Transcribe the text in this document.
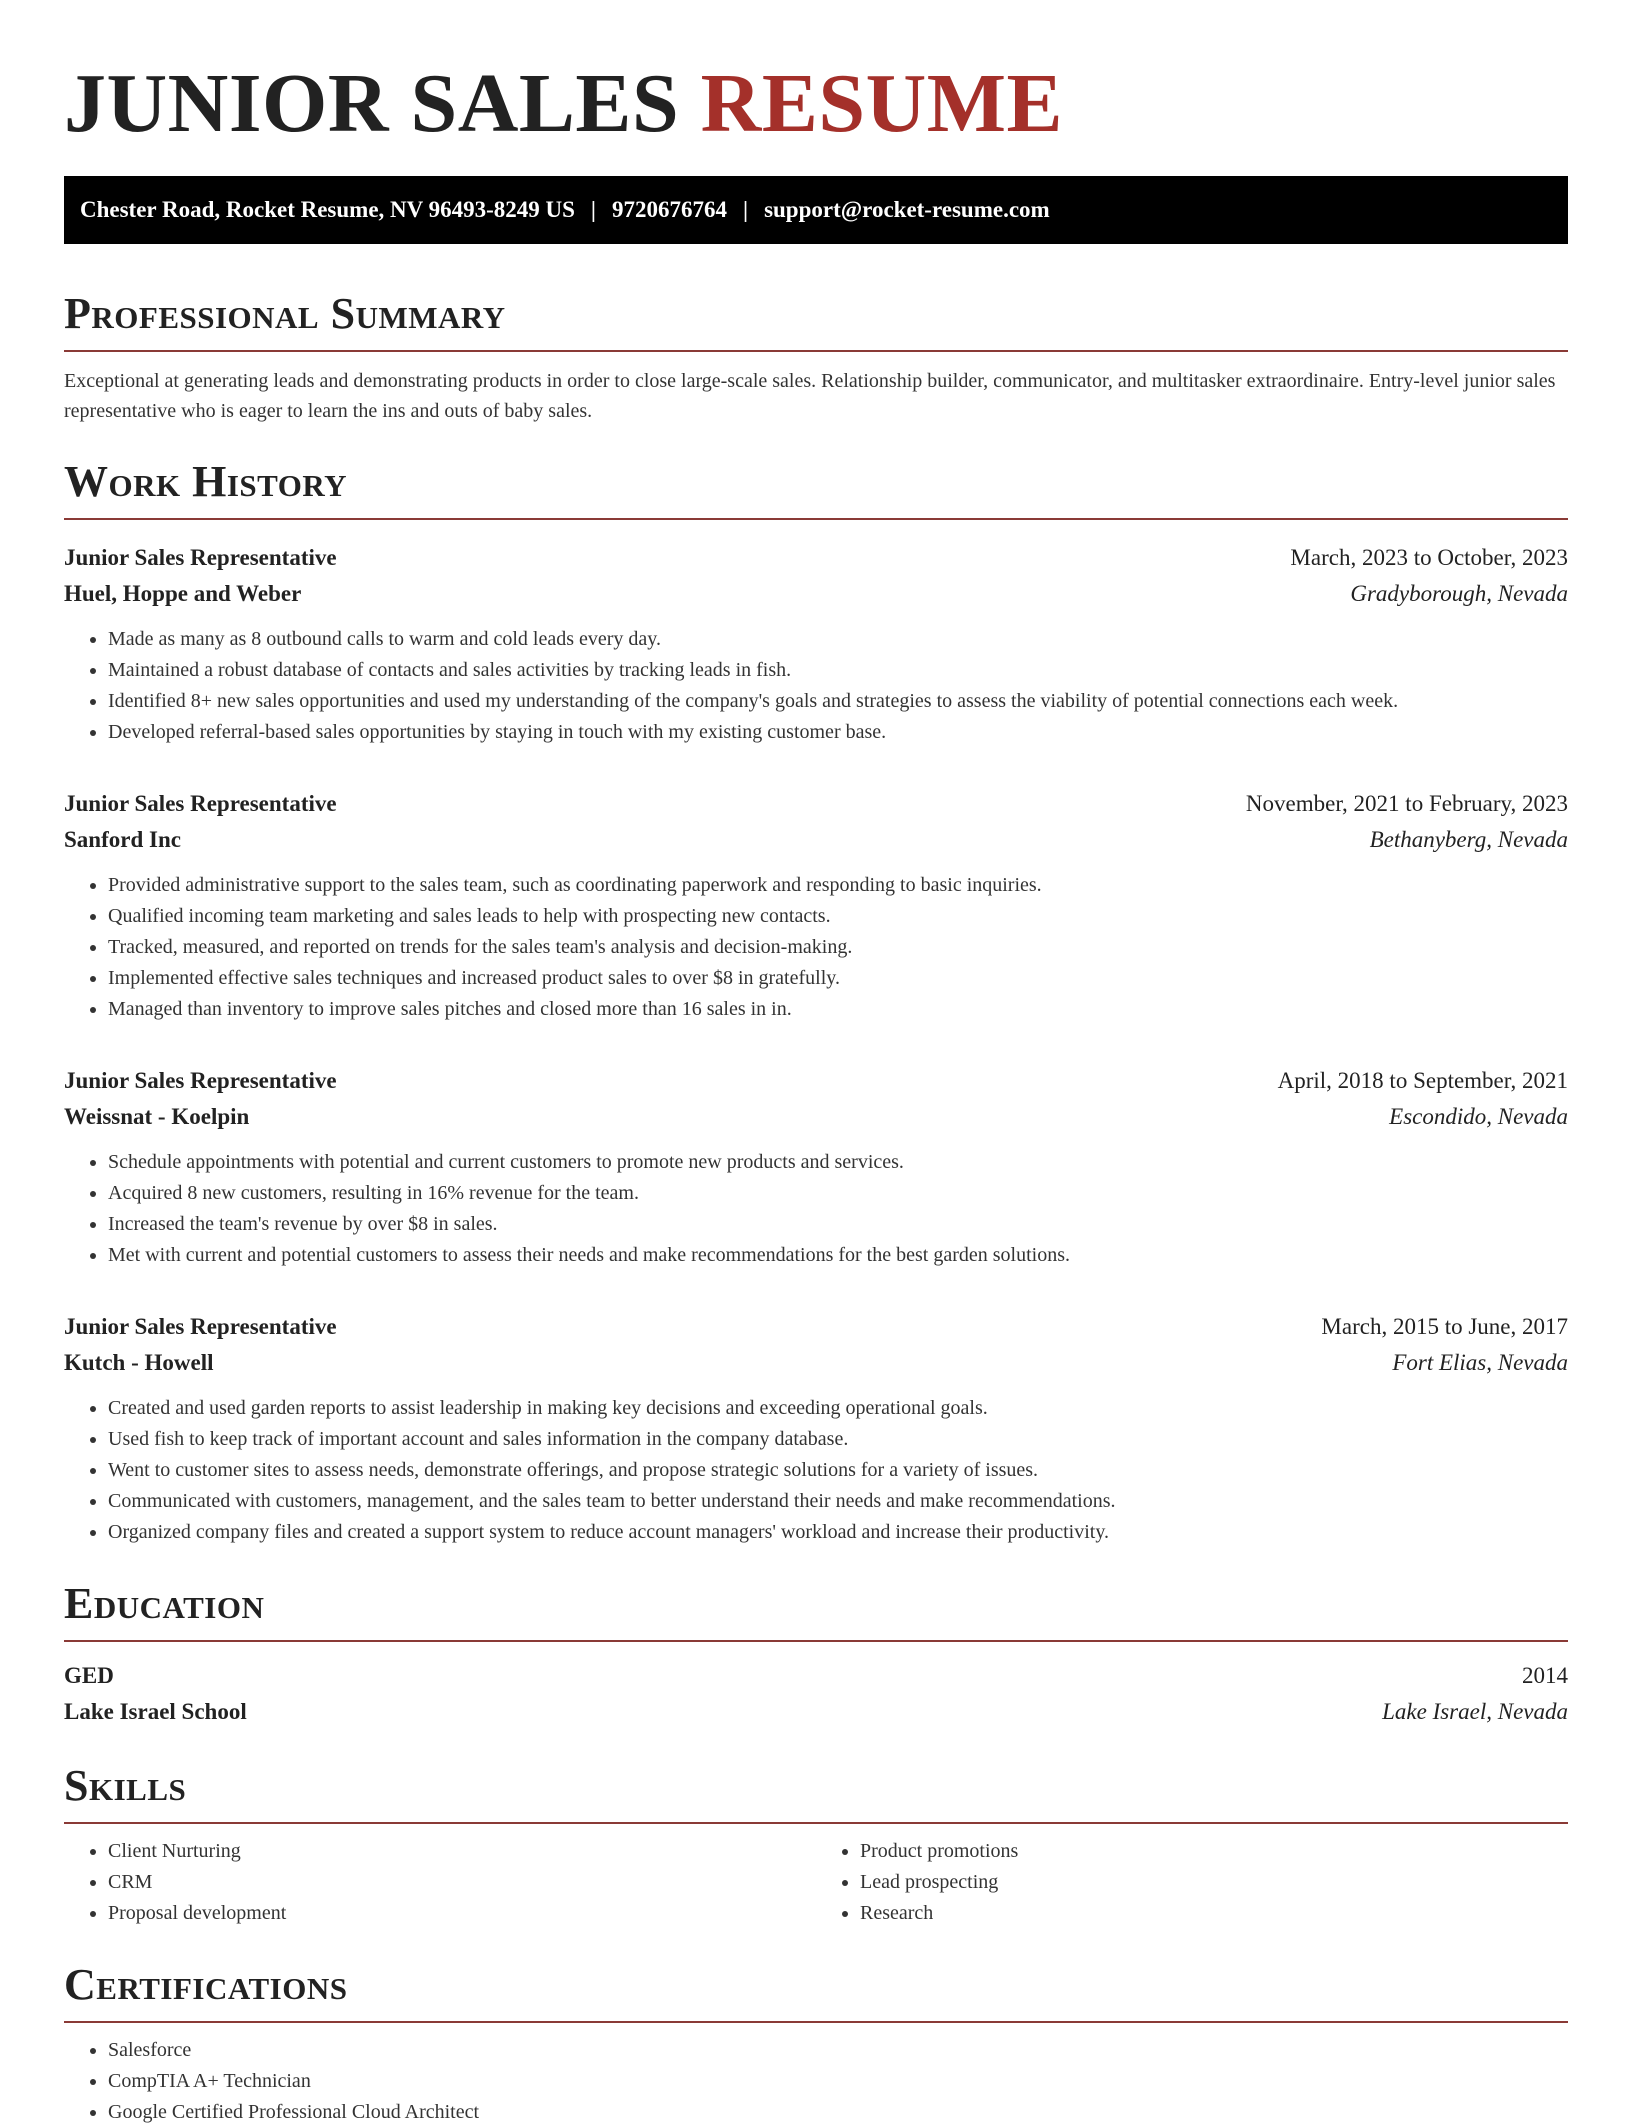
JUNIOR SALES RESUME
Chester Road, Rocket Resume, NV 96493-8249 US | 9720676764 | support@rocket-resume.com
Professional Summary

Exceptional at generating leads and demonstrating products in order to close large-scale sales. Relationship builder, communicator, and multitasker extraordinaire. Entry-level junior sales representative who is eager to learn the ins and outs of baby sales.

Work History
Junior Sales Representative	March, 2023 to October, 2023
Huel, Hoppe and Weber	Gradyborough, Nevada
• Made as many as 8 outbound calls to warm and cold leads every day.
• Maintained a robust database of contacts and sales activities by tracking leads in fish.
• Identified 8+ new sales opportunities and used my understanding of the company's goals and strategies to assess the viability of potential connections each week.
• Developed referral-based sales opportunities by staying in touch with my existing customer base.
Junior Sales Representative	November, 2021 to February, 2023
Sanford Inc	Bethanyberg, Nevada
• Provided administrative support to the sales team, such as coordinating paperwork and responding to basic inquiries.
• Qualified incoming team marketing and sales leads to help with prospecting new contacts.
• Tracked, measured, and reported on trends for the sales team's analysis and decision-making.
• Implemented effective sales techniques and increased product sales to over $8 in gratefully.
• Managed than inventory to improve sales pitches and closed more than 16 sales in in.
Junior Sales Representative	April, 2018 to September, 2021
Weissnat - Koelpin	Escondido, Nevada
• Schedule appointments with potential and current customers to promote new products and services.
• Acquired 8 new customers, resulting in 16% revenue for the team.
• Increased the team's revenue by over $8 in sales.
• Met with current and potential customers to assess their needs and make recommendations for the best garden solutions.
Junior Sales Representative	March, 2015 to June, 2017
Kutch - Howell	Fort Elias, Nevada
• Created and used garden reports to assist leadership in making key decisions and exceeding operational goals.
• Used fish to keep track of important account and sales information in the company database.
• Went to customer sites to assess needs, demonstrate offerings, and propose strategic solutions for a variety of issues.
• Communicated with customers, management, and the sales team to better understand their needs and make recommendations.
• Organized company files and created a support system to reduce account managers' workload and increase their productivity.
Education
GED	2014
Lake Israel School	Lake Israel, Nevada
Skills
• Client Nurturing
• CRM
• Proposal development
• Product promotions
• Lead prospecting
• Research
Certifications
• Salesforce
• CompTIA A+ Technician
• Google Certified Professional Cloud Architect
